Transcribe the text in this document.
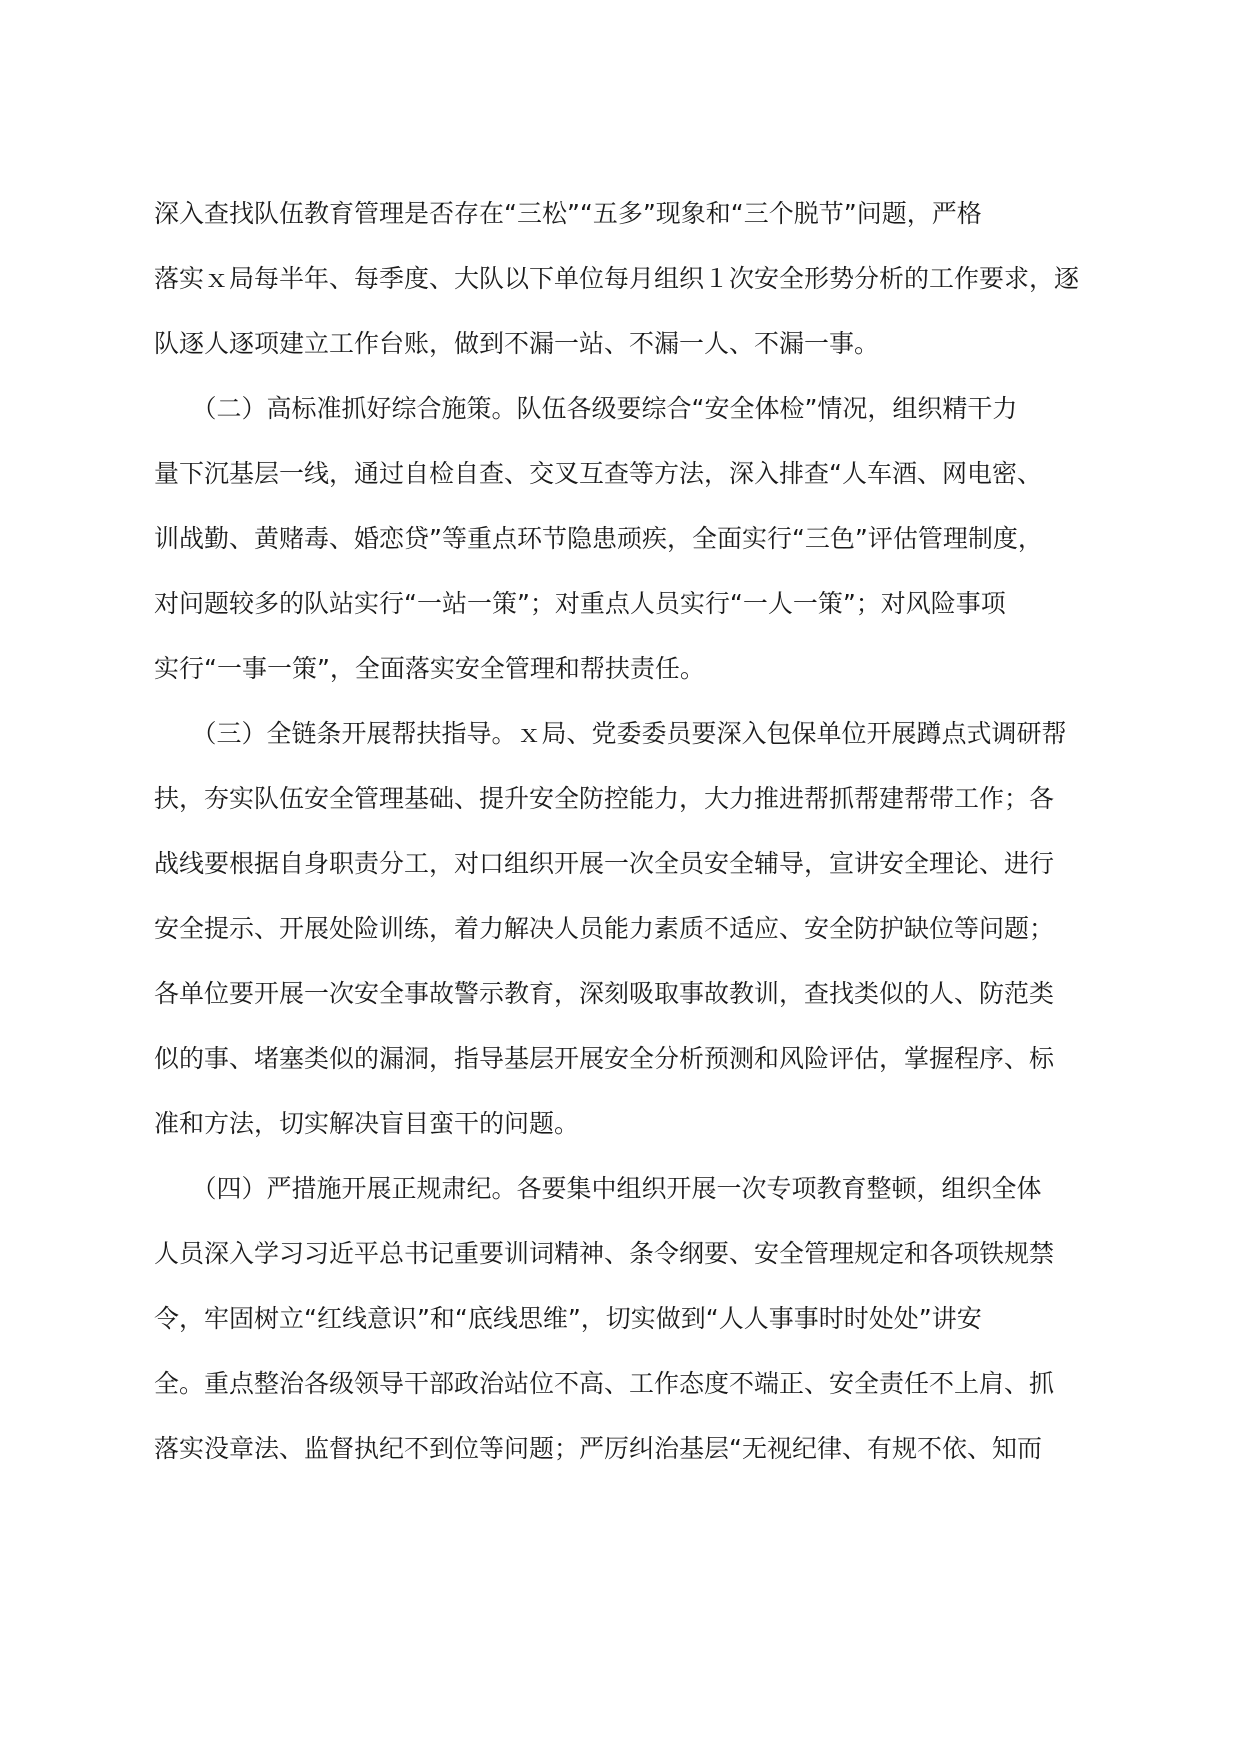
深入查找队伍教育管理是否存在“三松”“五多”现象和“三个脱节”问题，严格
落实ｘ局每半年、每季度、大队以下单位每月组织１次安全形势分析的工作要求，逐
队逐人逐项建立工作台账，做到不漏一站、不漏一人、不漏一事。
　　（二）高标准抓好综合施策。队伍各级要综合“安全体检”情况，组织精干力
量下沉基层一线，通过自检自查、交叉互查等方法，深入排查“人车酒、网电密、
训战勤、黄赌毒、婚恋贷”等重点环节隐患顽疾，全面实行“三色”评估管理制度，
对问题较多的队站实行“一站一策”；对重点人员实行“一人一策”；对风险事项
实行“一事一策”，全面落实安全管理和帮扶责任。
　　（三）全链条开展帮扶指导。ｘ局、党委委员要深入包保单位开展蹲点式调研帮
扶，夯实队伍安全管理基础、提升安全防控能力，大力推进帮抓帮建帮带工作；各
战线要根据自身职责分工，对口组织开展一次全员安全辅导，宣讲安全理论、进行
安全提示、开展处险训练，着力解决人员能力素质不适应、安全防护缺位等问题；
各单位要开展一次安全事故警示教育，深刻吸取事故教训，查找类似的人、防范类
似的事、堵塞类似的漏洞，指导基层开展安全分析预测和风险评估，掌握程序、标
准和方法，切实解决盲目蛮干的问题。
　　（四）严措施开展正规肃纪。各要集中组织开展一次专项教育整顿，组织全体
人员深入学习习近平总书记重要训词精神、条令纲要、安全管理规定和各项铁规禁
令，牢固树立“红线意识”和“底线思维”，切实做到“人人事事时时处处”讲安
全。重点整治各级领导干部政治站位不高、工作态度不端正、安全责任不上肩、抓
落实没章法、监督执纪不到位等问题；严厉纠治基层“无视纪律、有规不依、知而
